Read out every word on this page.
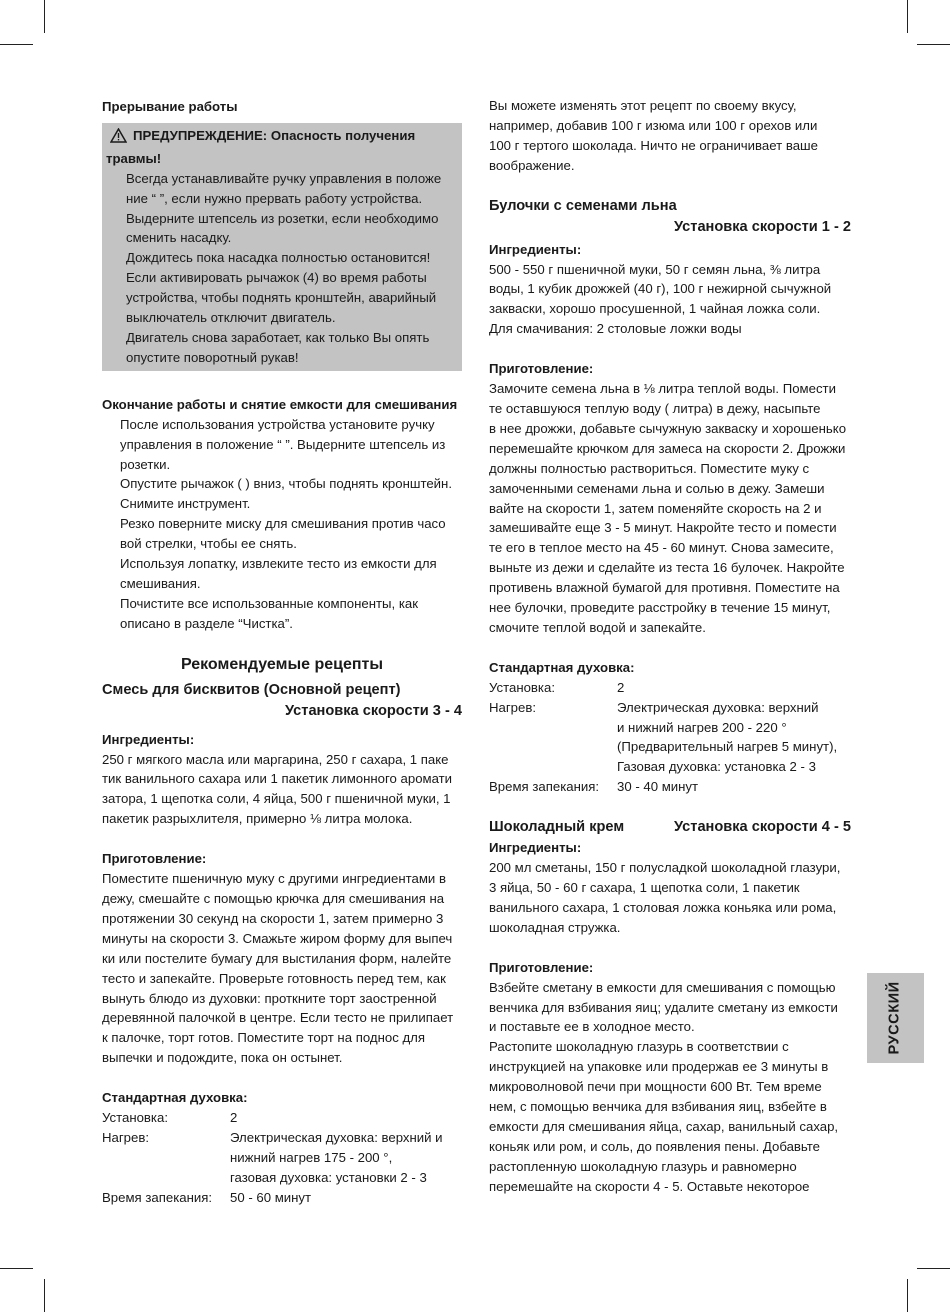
Прерывание работы

ПРЕДУПРЕЖДЕНИЕ: Опасность получения травмы!

Всегда устанавливайте ручку управления в положе
ние “ ”, если нужно прервать работу устройства.
Выдерните штепсель из розетки, если необходимо
сменить насадку.
Дождитесь пока насадка полностью остановится!
Если активировать рычажок (4) во время работы
устройства, чтобы поднять кронштейн, аварийный
выключатель отключит двигатель.
Двигатель снова заработает, как только Вы опять
опустите поворотный рукав!

Окончание работы и снятие емкости для смешивания

После использования устройства установите ручку
управления в положение “ ”. Выдерните штепсель из
розетки.
Опустите рычажок ( ) вниз, чтобы поднять кронштейн.
Снимите инструмент.
Резко поверните миску для смешивания против часо
вой стрелки, чтобы ее снять.
Используя лопатку, извлеките тесто из емкости для
смешивания.
Почистите все использованные компоненты, как
описано в разделе “Чистка”.

Рекомендуемые рецепты

Смесь для бисквитов (Основной рецепт)

Установка скорости 3 - 4

Ингредиенты:

250 г мягкого масла или маргарина, 250 г сахара, 1 паке
тик ванильного сахара или 1 пакетик лимонного аромати
затора, 1 щепотка соли, 4 яйца, 500 г пшеничной муки, 1
пакетик разрыхлителя, примерно ⅛ литра молока.

Приготовление:

Поместите пшеничную муку с другими ингредиентами в
дежу, смешайте с помощью крючка для смешивания на
протяжении 30 секунд на скорости 1, затем примерно 3
минуты на скорости 3. Смажьте жиром форму для выпеч
ки или постелите бумагу для выстилания форм, налейте
тесто и запекайте. Проверьте готовность перед тем, как
вынуть блюдо из духовки: проткните торт заостренной
деревянной палочкой в центре. Если тесто не прилипает
к палочке, торт готов. Поместите торт на поднос для
выпечки и подождите, пока он остынет.

Стандартная духовка:

Установка:	2
Нагрев:	Электрическая духовка: верхний и
нижний нагрев 175 - 200 °,
газовая духовка: установки 2 - 3
Время запекания:	50 - 60 минут
Вы можете изменять этот рецепт по своему вкусу,
например, добавив 100 г изюма или 100 г орехов или
100 г тертого шоколада. Ничто не ограничивает ваше
воображение.

Булочки с семенами льна

Установка скорости 1 - 2

Ингредиенты:

500 - 550 г пшеничной муки, 50 г семян льна, ⅜ литра
воды, 1 кубик дрожжей (40 г), 100 г нежирной сычужной
закваски, хорошо просушенной, 1 чайная ложка соли.
Для смачивания: 2 столовые ложки воды

Приготовление:

Замочите семена льна в ⅛ литра теплой воды. Помести
те оставшуюся теплую воду ( литра) в дежу, насыпьте
в нее дрожжи, добавьте сычужную закваску и хорошенько
перемешайте крючком для замеса на скорости 2. Дрожжи
должны полностью раствориться. Поместите муку с
замоченными семенами льна и солью в дежу. Замеши
вайте на скорости 1, затем поменяйте скорость на 2 и
замешивайте еще 3 - 5 минут. Накройте тесто и помести
те его в теплое место на 45 - 60 минут. Снова замесите,
выньте из дежи и сделайте из теста 16 булочек. Накройте
противень влажной бумагой для противня. Поместите на
нее булочки, проведите расстройку в течение 15 минут,
смочите теплой водой и запекайте.

Стандартная духовка:

Установка:	2
Нагрев:	Электрическая духовка: верхний
и нижний нагрев 200 - 220 °
(Предварительный нагрев 5 минут),
Газовая духовка: установка 2 - 3
Время запекания:	30 - 40 минут
Шоколадный крем	Установка скорости 4 - 5

Ингредиенты:

200 мл сметаны, 150 г полусладкой шоколадной глазури,
3 яйца, 50 - 60 г сахара, 1 щепотка соли, 1 пакетик
ванильного сахара, 1 столовая ложка коньяка или рома,
шоколадная стружка.

Приготовление:

Взбейте сметану в емкости для смешивания с помощью
венчика для взбивания яиц; удалите сметану из емкости
и поставьте ее в холодное место.
Растопите шоколадную глазурь в соответствии с
инструкцией на упаковке или продержав ее 3 минуты в
микроволновой печи при мощности 600 Вт. Тем време
нем, с помощью венчика для взбивания яиц, взбейте в
емкости для смешивания яйца, сахар, ванильный сахар,
коньяк или ром, и соль, до появления пены. Добавьте
растопленную шоколадную глазурь и равномерно
перемешайте на скорости 4 - 5. Оставьте некоторое
РУССКИЙ
